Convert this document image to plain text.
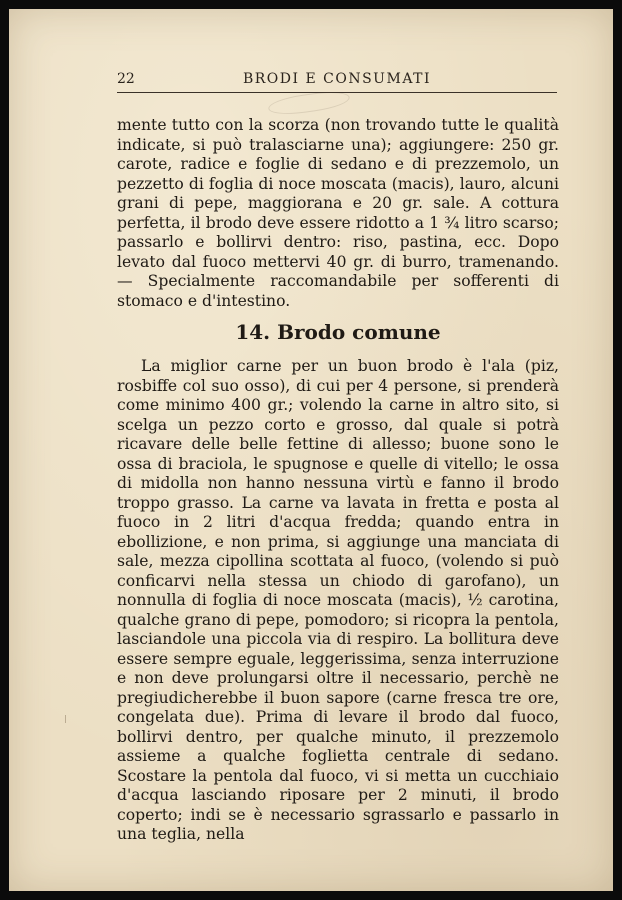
22	BRODI E CONSUMATI

mente tutto con la scorza (non trovando tutte le qualità indicate, si può tralasciarne una); aggiungere: 250 gr. carote, radice e foglie di sedano e di prezzemolo, un pezzetto di foglia di noce moscata (macis), lauro, alcuni grani di pepe, maggiorana e 20 gr. sale. A cottura perfetta, il brodo deve essere ridotto a 1 ¾ litro scarso; passarlo e bollirvi dentro: riso, pastina, ecc. Dopo levato dal fuoco mettervi 40 gr. di burro, tramenando. — Specialmente raccomandabile per sofferenti di stomaco e d'intestino.

14. Brodo comune

La miglior carne per un buon brodo è l'ala (piz, rosbiffe col suo osso), di cui per 4 persone, si prenderà come minimo 400 gr.; volendo la carne in altro sito, si scelga un pezzo corto e grosso, dal quale si potrà ricavare delle belle fettine di allesso; buone sono le ossa di braciola, le spugnose e quelle di vitello; le ossa di midolla non hanno nessuna virtù e fanno il brodo troppo grasso. La carne va lavata in fretta e posta al fuoco in 2 litri d'acqua fredda; quando entra in ebollizione, e non prima, si aggiunge una manciata di sale, mezza cipollina scottata al fuoco, (volendo si può conficarvi nella stessa un chiodo di garofano), un nonnulla di foglia di noce moscata (macis), ½ carotina, qualche grano di pepe, pomodoro; si ricopra la pentola, lasciandole una piccola via di respiro. La bollitura deve essere sempre eguale, leggerissima, senza interruzione e non deve prolungarsi oltre il necessario, perchè ne pregiudicherebbe il buon sapore (carne fresca tre ore, congelata due). Prima di levare il brodo dal fuoco, bollirvi dentro, per qualche minuto, il prezzemolo assieme a qualche foglietta centrale di sedano. Scostare la pentola dal fuoco, vi si metta un cucchiaio d'acqua lasciando riposare per 2 minuti, il brodo coperto; indi se è necessario sgrassarlo e passarlo in una teglia, nella
